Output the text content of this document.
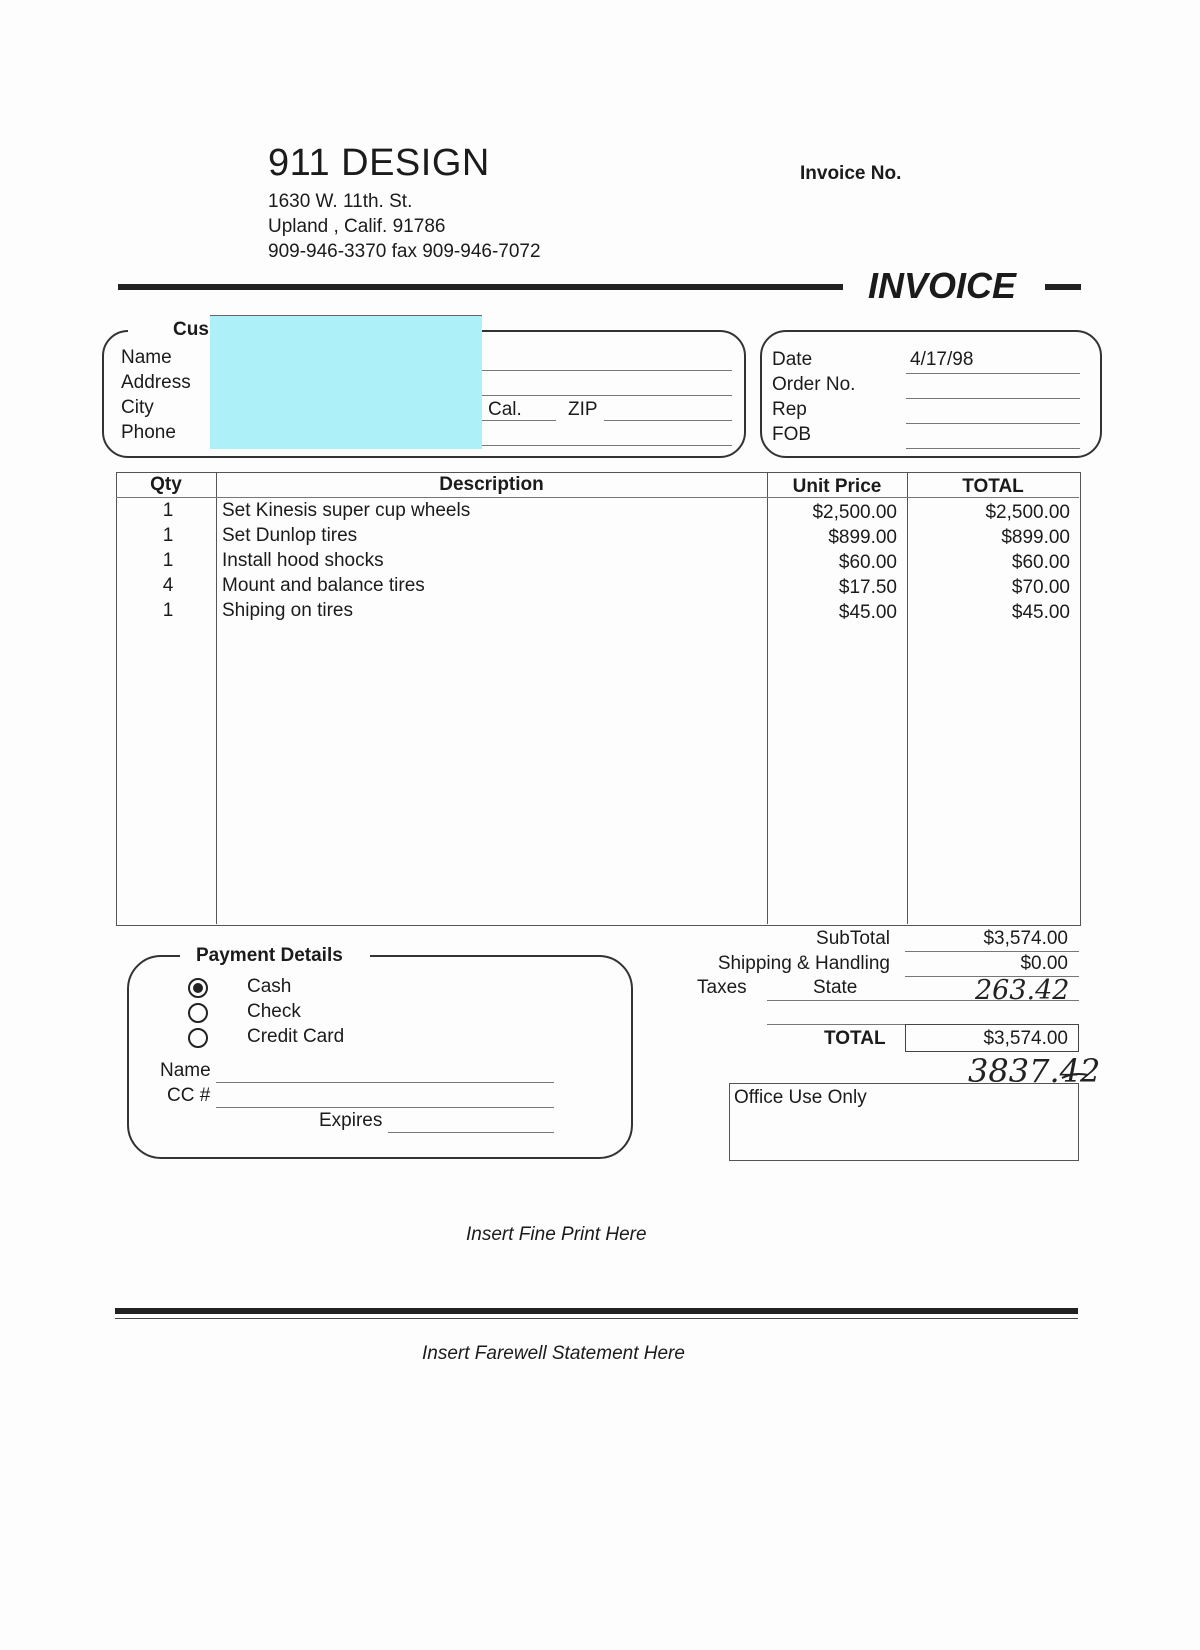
911 DESIGN
1630 W. 11th. St.
Upland , Calif. 91786
909-946-3370 fax 909-946-7072
Invoice No.
INVOICE
Cus
Name
Address
City
Phone
Cal. ZIP
Date	4/17/98
Order No.
Rep
FOB
Qty	Description	Unit Price	TOTAL
1	Set Kinesis super cup wheels	$2,500.00	$2,500.00
1	Set Dunlop tires	$899.00	$899.00
1	Install hood shocks	$60.00	$60.00
4	Mount and balance tires	$17.50	$70.00
1	Shiping on tires	$45.00	$45.00
SubTotal	$3,574.00
Shipping & Handling	$0.00
Taxes	State	263.42
TOTAL	$3,574.00
3837.42
Payment Details
Cash
Check
Credit Card
Name
CC #
Expires
Office Use Only
Insert Fine Print Here
Insert Farewell Statement Here
